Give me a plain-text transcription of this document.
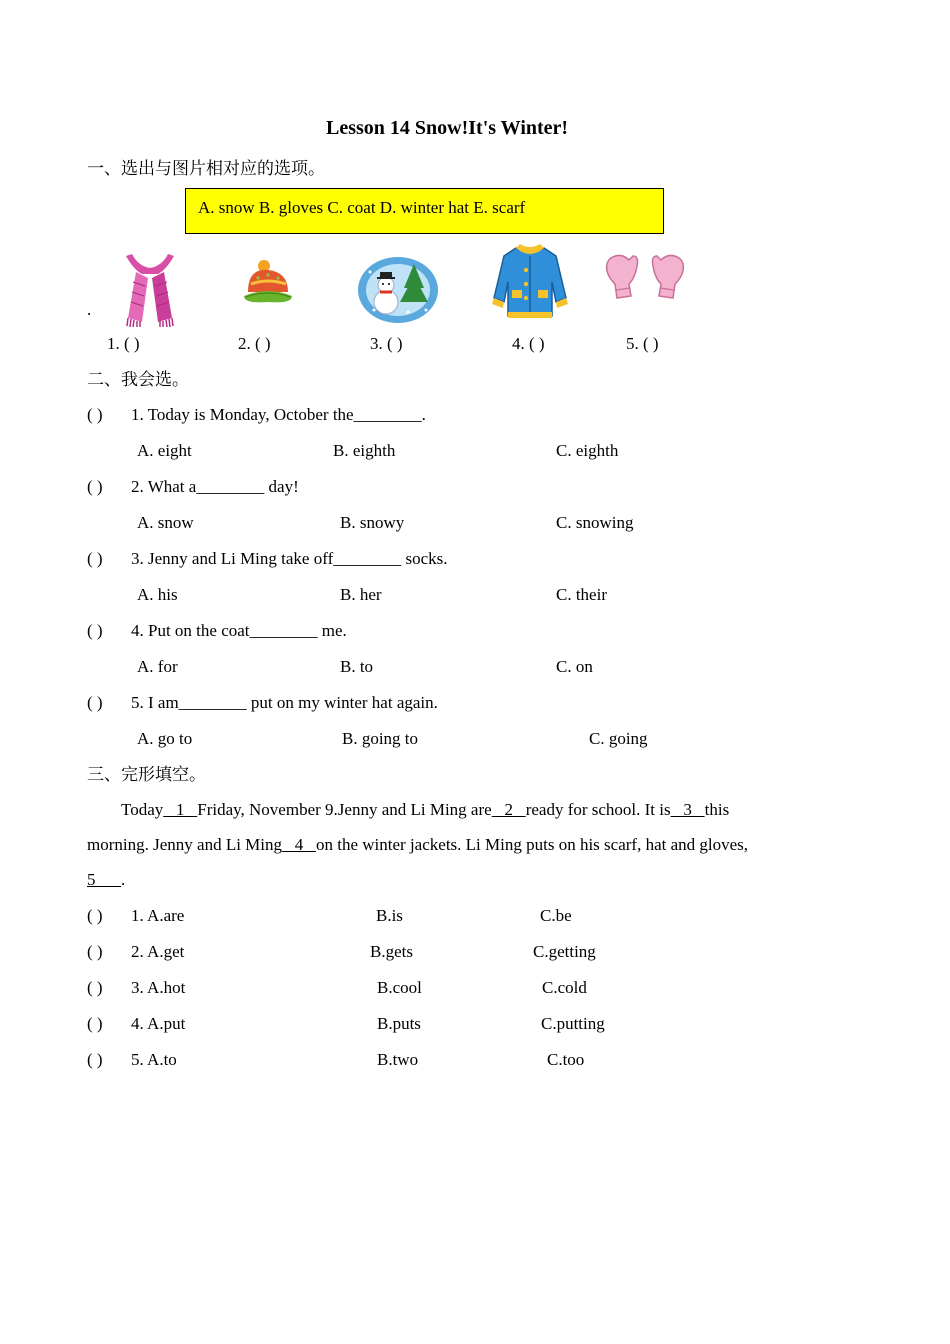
Lesson 14 Snow!It's Winter!
一、选出与图片相对应的选项。
A. snow B. gloves C. coat D. winter hat E. scarf
.
1. ( )	2. ( )	3. ( )	4. ( )	5. ( )
二、我会选。
( ) 1. Today is Monday, October the________.
A. eight	B. eighth	C. eighth
( ) 2. What a________ day!
A. snow	B. snowy	C. snowing
( ) 3. Jenny and Li Ming take off________ socks.
A. his	B. her	C. their
( ) 4. Put on the coat________ me.
A. for	B. to	C. on
( ) 5. I am________ put on my winter hat again.
A. go to	B. going to	C. going
三、完形填空。
Today   1   Friday, November 9.Jenny and Li Ming are   2   ready for school. It is   3   this
morning. Jenny and Li Ming   4   on the winter jackets. Li Ming puts on his scarf, hat and gloves,
5  __.
( ) 1. A.are	B.is	C.be
( ) 2. A.get	B.gets	C.getting
( ) 3. A.hot	B.cool	C.cold
( ) 4. A.put	B.puts	C.putting
( ) 5. A.to	B.two	C.too
